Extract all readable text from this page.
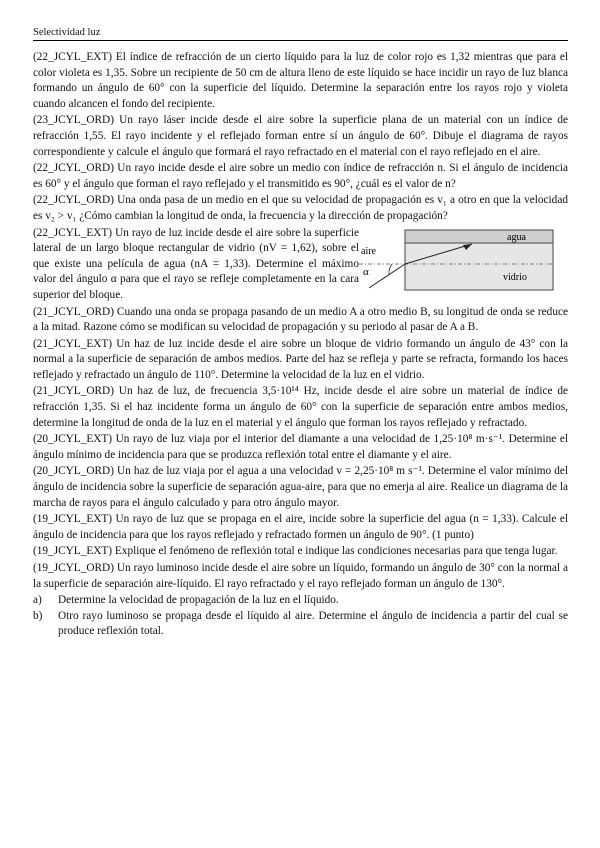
Selectividad luz

(22_JCYL_EXT) El índice de refracción de un cierto líquido para la luz de color rojo es 1,32 mientras que para el color violeta es 1,35. Sobre un recipiente de 50 cm de altura lleno de este líquido se hace incidir un rayo de luz blanca formando un ángulo de 60° con la superficie del líquido. Determine la separación entre los rayos rojo y violeta cuando alcancen el fondo del recipiente.

(23_JCYL_ORD) Un rayo láser incide desde el aire sobre la superficie plana de un material con un índice de refracción 1,55. El rayo incidente y el reflejado forman entre sí un ángulo de 60°. Dibuje el diagrama de rayos correspondiente y calcule el ángulo que formará el rayo refractado en el material con el rayo reflejado en el aire.

(22_JCYL_ORD) Un rayo incide desde el aire sobre un medio con índice de refracción n. Si el ángulo de incidencia es 60° y el ángulo que forman el rayo reflejado y el transmitido es 90°, ¿cuál es el valor de n?

(22_JCYL_ORD) Una onda pasa de un medio en el que su velocidad de propagación es v₁ a otro en que la velocidad es v₂ > v₁ ¿Cómo cambian la longitud de onda, la frecuencia y la dirección de propagación?

(22_JCYL_EXT) Un rayo de luz incide desde el aire sobre la superficie lateral de un largo bloque rectangular de vidrio (nV = 1,62), sobre el que existe una película de agua (nA = 1,33). Determine el máximo valor del ángulo α para que el rayo se refleje completamente en la cara superior del bloque.

aire
agua
vidrio
α

(21_JCYL_ORD) Cuando una onda se propaga pasando de un medio A a otro medio B, su longitud de onda se reduce a la mitad. Razone cómo se modifican su velocidad de propagación y su periodo al pasar de A a B.

(21_JCYL_EXT) Un haz de luz incide desde el aire sobre un bloque de vidrio formando un ángulo de 43° con la normal a la superficie de separación de ambos medios. Parte del haz se refleja y parte se refracta, formando los haces reflejado y refractado un ángulo de 110°. Determine la velocidad de la luz en el vidrio.

(21_JCYL_ORD) Un haz de luz, de frecuencia 3,5·10¹⁴ Hz, incide desde el aire sobre un material de índice de refracción 1,35. Si el haz incidente forma un ángulo de 60° con la superficie de separación entre ambos medios, determine la longitud de onda de la luz en el material y el ángulo que forman los rayos reflejado y refractado.

(20_JCYL_EXT) Un rayo de luz viaja por el interior del diamante a una velocidad de 1,25·10⁸ m·s⁻¹. Determine el ángulo mínimo de incidencia para que se produzca reflexión total entre el diamante y el aire.

(20_JCYL_ORD) Un haz de luz viaja por el agua a una velocidad v = 2,25·10⁸ m s⁻¹. Determine el valor mínimo del ángulo de incidencia sobre la superficie de separación agua-aire, para que no emerja al aire. Realice un diagrama de la marcha de rayos para el ángulo calculado y para otro ángulo mayor.

(19_JCYL_EXT) Un rayo de luz que se propaga en el aire, incide sobre la superficie del agua (n = 1,33). Calcule el ángulo de incidencia para que los rayos reflejado y refractado formen un ángulo de 90°. (1 punto)

(19_JCYL_EXT) Explique el fenómeno de reflexión total e indique las condiciones necesarias para que tenga lugar.

(19_JCYL_ORD) Un rayo luminoso incide desde el aire sobre un líquido, formando un ángulo de 30° con la normal a la superficie de separación aire-líquido. El rayo refractado y el rayo reflejado forman un ángulo de 130°.

a) Determine la velocidad de propagación de la luz en el líquido.
b) Otro rayo luminoso se propaga desde el líquido al aire. Determine el ángulo de incidencia a partir del cual se produce reflexión total.
